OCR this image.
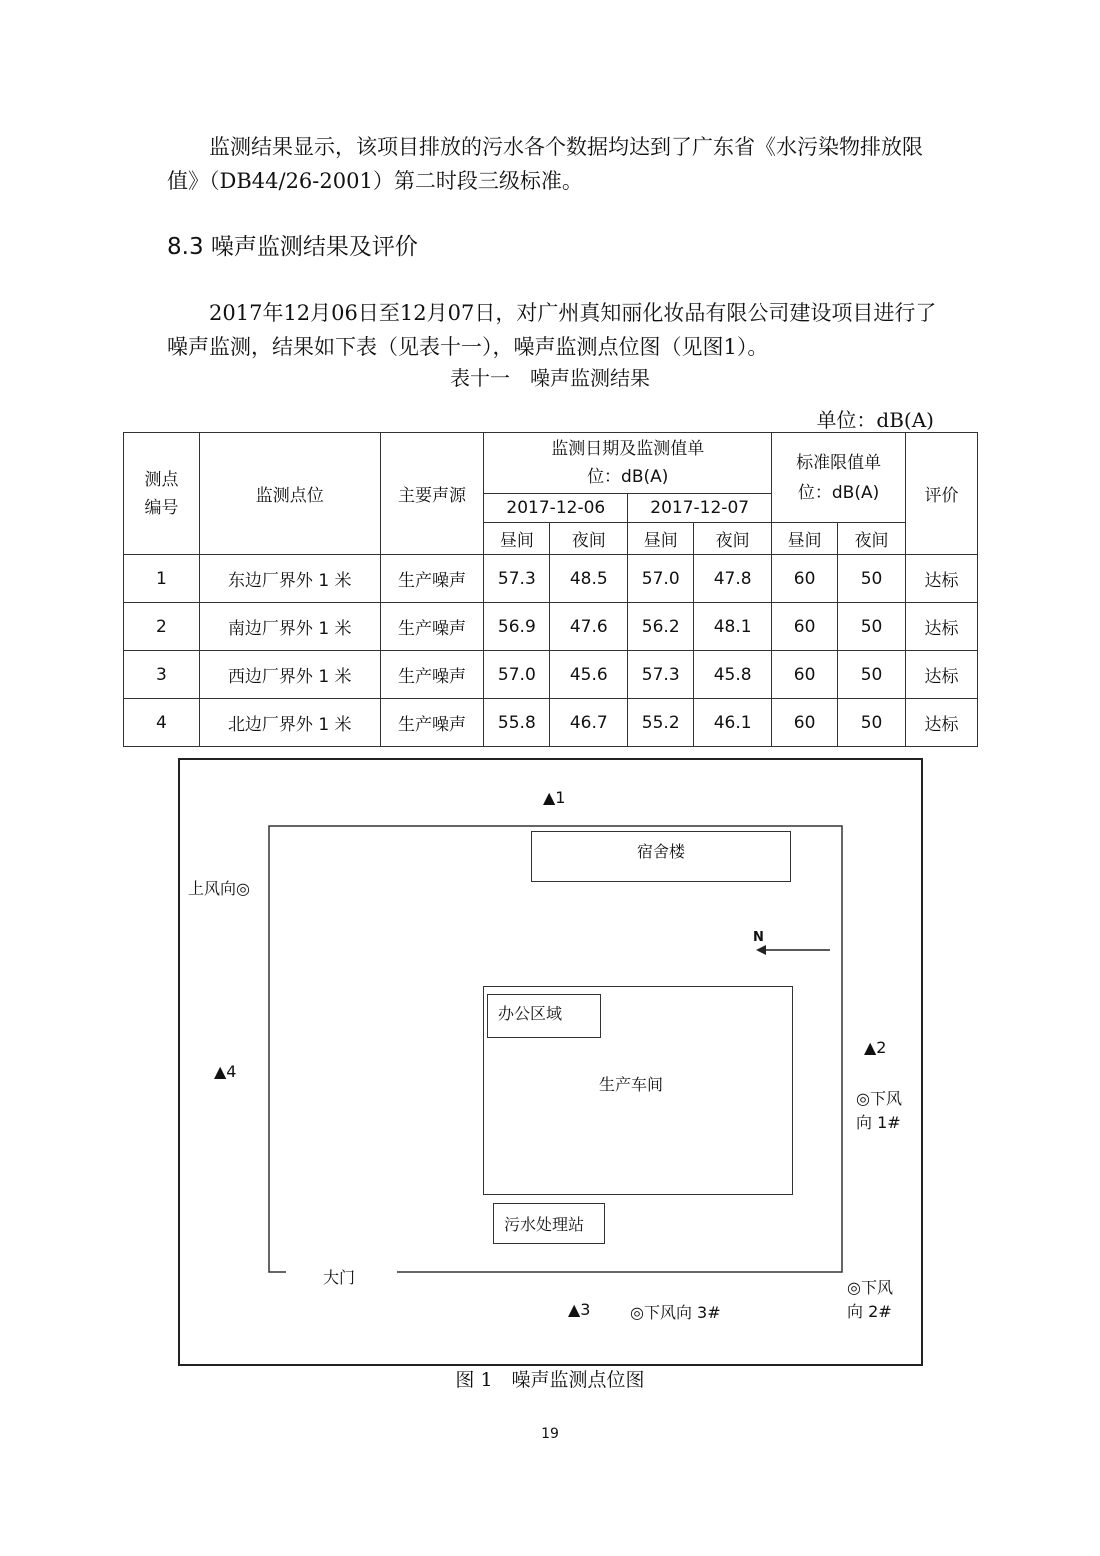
监测结果显示，该项目排放的污水各个数据均达到了广东省《水污染物排放限值》（DB44/26-2001）第二时段三级标准。

8.3 噪声监测结果及评价

2017年12月06日至12月07日，对广州真知丽化妆品有限公司建设项目进行了噪声监测，结果如下表（见表十一），噪声监测点位图（见图1）。

表十一　噪声监测结果
单位：dB(A)
测点编号	监测点位	主要声源	监测日期及监测值单位：dB(A)				标准限值单位：dB(A)		评价
			2017-12-06		2017-12-07				
			昼间	夜间	昼间	夜间	昼间	夜间	
1	东边厂界外 1 米	生产噪声	57.3	48.5	57.0	47.8	60	50	达标
2	南边厂界外 1 米	生产噪声	56.9	47.6	56.2	48.1	60	50	达标
3	西边厂界外 1 米	生产噪声	57.0	45.6	57.3	45.8	60	50	达标
4	北边厂界外 1 米	生产噪声	55.8	46.7	55.2	46.1	60	50	达标
▲1
宿舍楼
上风向◎
N
生产车间
办公区域
▲2
◎下风向 1#
▲4
污水处理站
大门
◎下风向 2#
▲3 ◎下风向 3#
图 1　噪声监测点位图
19
